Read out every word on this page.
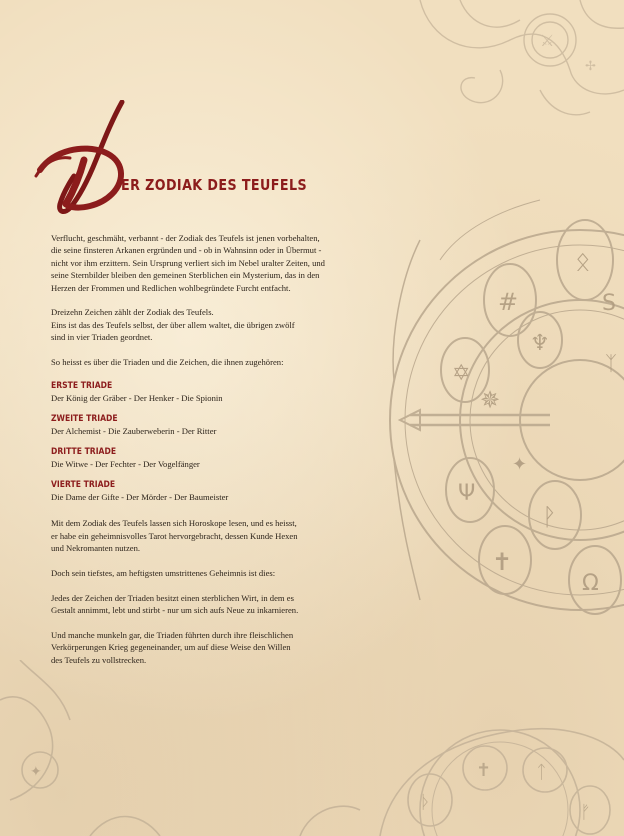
⚔
✢
ᛟ
#
✡
♆
✵
Ψ
✝
ᚹ
Ω
S
✦
ᛉ
ᚦ
✝ ᛏ
ᚠ
✦
D
ER ZODIAK DES TEUFELS

Verflucht, geschmäht, verbannt - der Zodiak des Teufels ist jenen vorbehalten,
die seine finsteren Arkanen ergründen und - ob in Wahnsinn oder in Übermut -
nicht vor ihm erzittern. Sein Ursprung verliert sich im Nebel uralter Zeiten, und
seine Sternbilder bleiben den gemeinen Sterblichen ein Mysterium, das in den
Herzen der Frommen und Redlichen wohlbegründete Furcht entfacht.

Dreizehn Zeichen zählt der Zodiak des Teufels.
Eins ist das des Teufels selbst, der über allem waltet, die übrigen zwölf
sind in vier Triaden geordnet.

So heisst es über die Triaden und die Zeichen, die ihnen zugehören:

ERSTE TRIADE
Der König der Gräber - Der Henker - Die Spionin
ZWEITE TRIADE
Der Alchemist - Die Zauberweberin - Der Ritter
DRITTE TRIADE
Die Witwe - Der Fechter - Der Vogelfänger
VIERTE TRIADE
Die Dame der Gifte - Der Mörder - Der Baumeister

Mit dem Zodiak des Teufels lassen sich Horoskope lesen, und es heisst,
er habe ein geheimnisvolles Tarot hervorgebracht, dessen Kunde Hexen
und Nekromanten nutzen.

Doch sein tiefstes, am heftigsten umstrittenes Geheimnis ist dies:

Jedes der Zeichen der Triaden besitzt einen sterblichen Wirt, in dem es
Gestalt annimmt, lebt und stirbt - nur um sich aufs Neue zu inkarnieren.

Und manche munkeln gar, die Triaden führten durch ihre fleischlichen
Verkörperungen Krieg gegeneinander, um auf diese Weise den Willen
des Teufels zu vollstrecken.
